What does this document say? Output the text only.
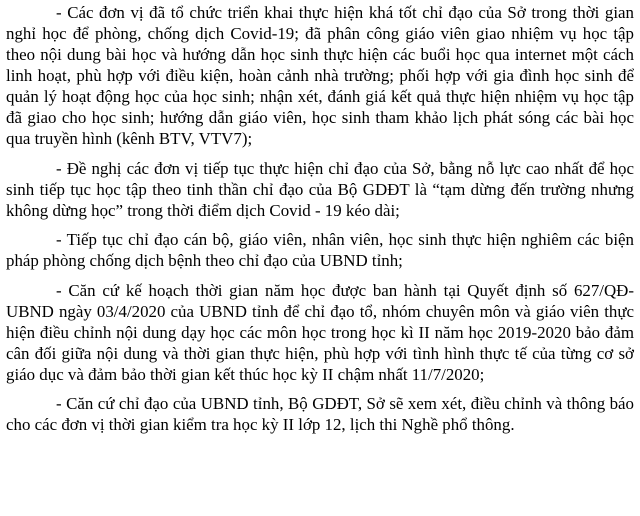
- Các đơn vị đã tổ chức triển khai thực hiện khá tốt chỉ đạo của Sở trong thời gian nghỉ học để phòng, chống dịch Covid-19; đã phân công giáo viên giao nhiệm vụ học tập theo nội dung bài học và hướng dẫn học sinh thực hiện các buổi học qua internet một cách linh hoạt, phù hợp với điều kiện, hoàn cảnh nhà trường; phối hợp với gia đình học sinh để quản lý hoạt động học của học sinh; nhận xét, đánh giá kết quả thực hiện nhiệm vụ học tập đã giao cho học sinh; hướng dẫn giáo viên, học sinh tham khảo lịch phát sóng các bài học qua truyền hình (kênh BTV, VTV7);

- Đề nghị các đơn vị tiếp tục thực hiện chỉ đạo của Sở, bằng nỗ lực cao nhất để học sinh tiếp tục học tập theo tinh thần chỉ đạo của Bộ GDĐT là “tạm dừng đến trường nhưng không dừng học” trong thời điểm dịch Covid - 19 kéo dài;

- Tiếp tục chỉ đạo cán bộ, giáo viên, nhân viên, học sinh thực hiện nghiêm các biện pháp phòng chống dịch bệnh theo chỉ đạo của UBND tỉnh;

- Căn cứ kế hoạch thời gian năm học được ban hành tại Quyết định số 627/QĐ-UBND ngày 03/4/2020 của UBND tỉnh để chỉ đạo tổ, nhóm chuyên môn và giáo viên thực hiện điều chỉnh nội dung dạy học các môn học trong học kì II năm học 2019-2020 bảo đảm cân đối giữa nội dung và thời gian thực hiện, phù hợp với tình hình thực tế của từng cơ sở giáo dục và đảm bảo thời gian kết thúc học kỳ II chậm nhất 11/7/2020;

- Căn cứ chỉ đạo của UBND tỉnh, Bộ GDĐT, Sở sẽ xem xét, điều chỉnh và thông báo cho các đơn vị thời gian kiểm tra học kỳ II lớp 12, lịch thi Nghề phổ thông.
